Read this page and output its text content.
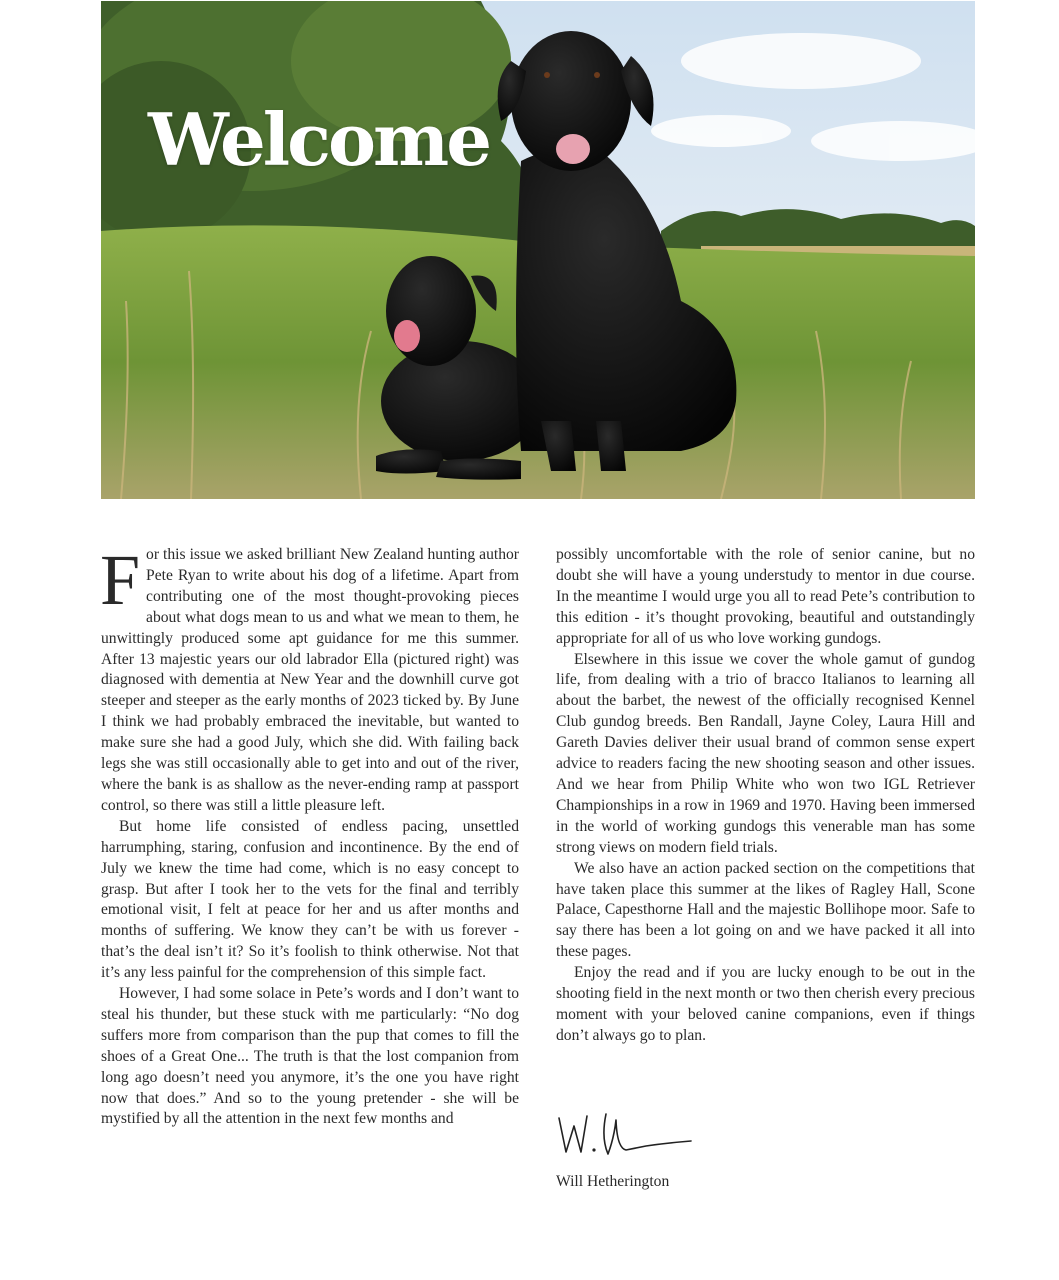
Welcome

For this issue we asked brilliant New Zealand hunting author Pete Ryan to write about his dog of a lifetime. Apart from contributing one of the most thought-provoking pieces about what dogs mean to us and what we mean to them, he unwittingly produced some apt guidance for me this summer. After 13 majestic years our old labrador Ella (pictured right) was diagnosed with dementia at New Year and the downhill curve got steeper and steeper as the early months of 2023 ticked by. By June I think we had probably embraced the inevitable, but wanted to make sure she had a good July, which she did. With failing back legs she was still occasionally able to get into and out of the river, where the bank is as shallow as the never-ending ramp at passport control, so there was still a little pleasure left.

But home life consisted of endless pacing, unsettled harrumphing, staring, confusion and incontinence. By the end of July we knew the time had come, which is no easy concept to grasp. But after I took her to the vets for the final and terribly emotional visit, I felt at peace for her and us after months and months of suffering. We know they can’t be with us forever - that’s the deal isn’t it? So it’s foolish to think otherwise. Not that it’s any less painful for the comprehension of this simple fact.

However, I had some solace in Pete’s words and I don’t want to steal his thunder, but these stuck with me particularly: “No dog suffers more from comparison than the pup that comes to fill the shoes of a Great One... The truth is that the lost companion from long ago doesn’t need you anymore, it’s the one you have right now that does.” And so to the young pretender - she will be mystified by all the attention in the next few months and

possibly uncomfortable with the role of senior canine, but no doubt she will have a young understudy to mentor in due course. In the meantime I would urge you all to read Pete’s contribution to this edition - it’s thought provoking, beautiful and outstandingly appropriate for all of us who love working gundogs.

Elsewhere in this issue we cover the whole gamut of gundog life, from dealing with a trio of bracco Italianos to learning all about the barbet, the newest of the officially recognised Kennel Club gundog breeds. Ben Randall, Jayne Coley, Laura Hill and Gareth Davies deliver their usual brand of common sense expert advice to readers facing the new shooting season and other issues. And we hear from Philip White who won two IGL Retriever Championships in a row in 1969 and 1970. Having been immersed in the world of working gundogs this venerable man has some strong views on modern field trials.

We also have an action packed section on the competitions that have taken place this summer at the likes of Ragley Hall, Scone Palace, Capesthorne Hall and the majestic Bollihope moor. Safe to say there has been a lot going on and we have packed it all into these pages.

Enjoy the read and if you are lucky enough to be out in the shooting field in the next month or two then cherish every precious moment with your beloved canine companions, even if things don’t always go to plan.

Will Hetherington
